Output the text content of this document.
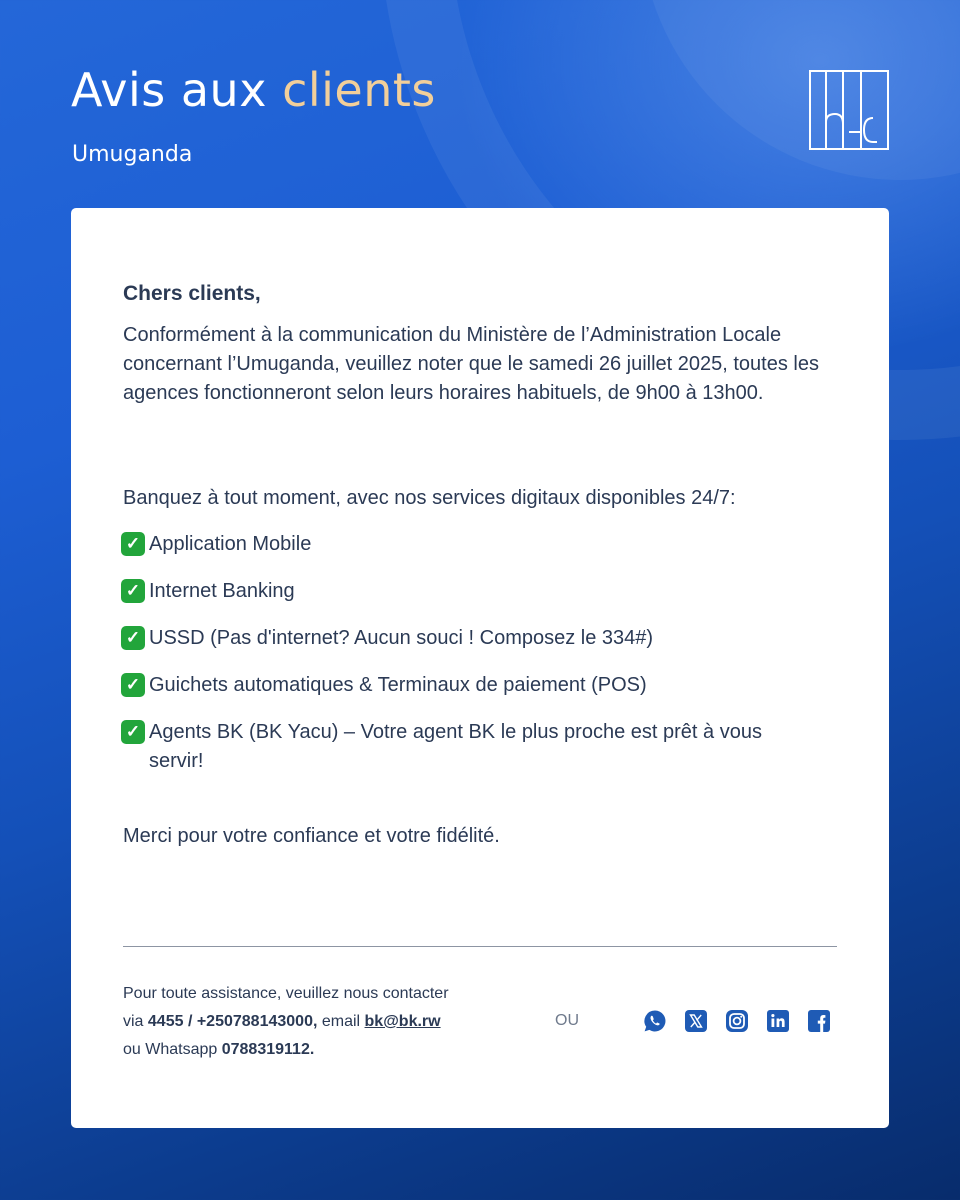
Avis aux clients

Umuganda

Chers clients,

Conformément à la communication du Ministère de l’Administration Locale concernant l’Umuganda, veuillez noter que le samedi 26 juillet 2025, toutes les agences fonctionneront selon leurs horaires habituels, de 9h00 à 13h00.

Banquez à tout moment, avec nos services digitaux disponibles 24/7:

✓ Application Mobile
✓ Internet Banking
✓ USSD (Pas d'internet? Aucun souci ! Composez le 334#)
✓ Guichets automatiques & Terminaux de paiement (POS)
✓ Agents BK (BK Yacu) – Votre agent BK le plus proche est prêt à vous servir!

Merci pour votre confiance et votre fidélité.

Pour toute assistance, veuillez nous contacter
via 4455 / +250788143000, email bk@bk.rw
ou Whatsapp 0788319112.

OU
